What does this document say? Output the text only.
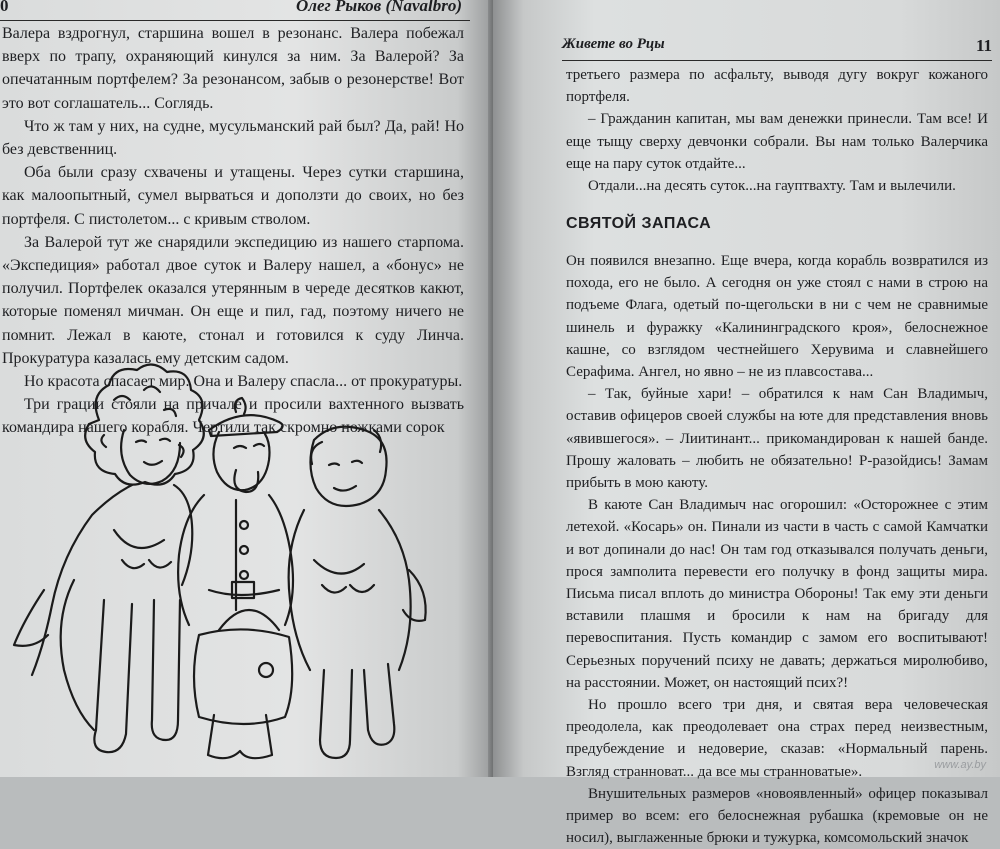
0	Олег Рыков (Navalbro)

Валера вздрогнул, старшина вошел в резонанс. Валера побежал вверх по трапу, охраняющий кинулся за ним. За Валерой? За опечатанным портфелем? За резонансом, забыв о резонерстве! Вот это вот соглашатель... Соглядь.

Что ж там у них, на судне, мусульманский рай был? Да, рай! Но без девственниц.

Оба были сразу схвачены и утащены. Через сутки старшина, как малоопытный, сумел вырваться и доползти до своих, но без портфеля. С пистолетом... с кривым стволом.

За Валерой тут же снарядили экспедицию из нашего старпома. «Экспедиция» работал двое суток и Валеру нашел, а «бонус» не получил. Портфелек оказался утерянным в череде десятков какют, которые поменял мичман. Он еще и пил, гад, поэтому ничего не помнит. Лежал в каюте, стонал и готовился к суду Линча. Прокуратура казалась ему детским садом.

Но красота спасает мир. Она и Валеру спасла... от прокуратуры.

Три грации стояли на причале и просили вахтенного вызвать командира нашего корабля. Чертили так скромно ножками сорок

Живете во Рцы	11

третьего размера по асфальту, выводя дугу вокруг кожаного портфеля.

– Гражданин капитан, мы вам денежки принесли. Там все! И еще тыщу сверху девчонки собрали. Вы нам только Валерчика еще на пару суток отдайте...

Отдали...на десять суток...на гауптвахту. Там и вылечили.

СВЯТОЙ ЗАПАСА

Он появился внезапно. Еще вчера, когда корабль возвратился из похода, его не было. А сегодня он уже стоял с нами в строю на подъеме Флага, одетый по-щегольски в ни с чем не сравнимые шинель и фуражку «Калининградского кроя», белоснежное кашне, со взглядом честнейшего Херувима и славнейшего Серафима. Ангел, но явно – не из плавсостава...

– Так, буйные хари! – обратился к нам Сан Владимыч, оставив офицеров своей службы на юте для представления вновь «явившегося». – Лиитинант... прикомандирован к нашей банде. Прошу жаловать – любить не обязательно! Р-разойдись! Замам прибыть в мою каюту.

В каюте Сан Владимыч нас огорошил: «Осторожнее с этим летехой. «Косарь» он. Пинали из части в часть с самой Камчатки и вот допинали до нас! Он там год отказывался получать деньги, прося замполита перевести его получку в фонд защиты мира. Письма писал вплоть до министра Обороны! Так ему эти деньги вставили плашмя и бросили к нам на бригаду для перевоспитания. Пусть командир с замом его воспитывают! Серьезных поручений психу не давать; держаться миролюбиво, на расстоянии. Может, он настоящий псих?!

Но прошло всего три дня, и святая вера человеческая преодолела, как преодолевает она страх перед неизвестным, предубеждение и недоверие, сказав: «Нормальный парень. Взгляд странноват... да все мы странноватые».

Внушительных размеров «новоявленный» офицер показывал пример во всем: его белоснежная рубашка (кремовые он не носил), выглаженные брюки и тужурка, комсомольский значок

www.ay.by
